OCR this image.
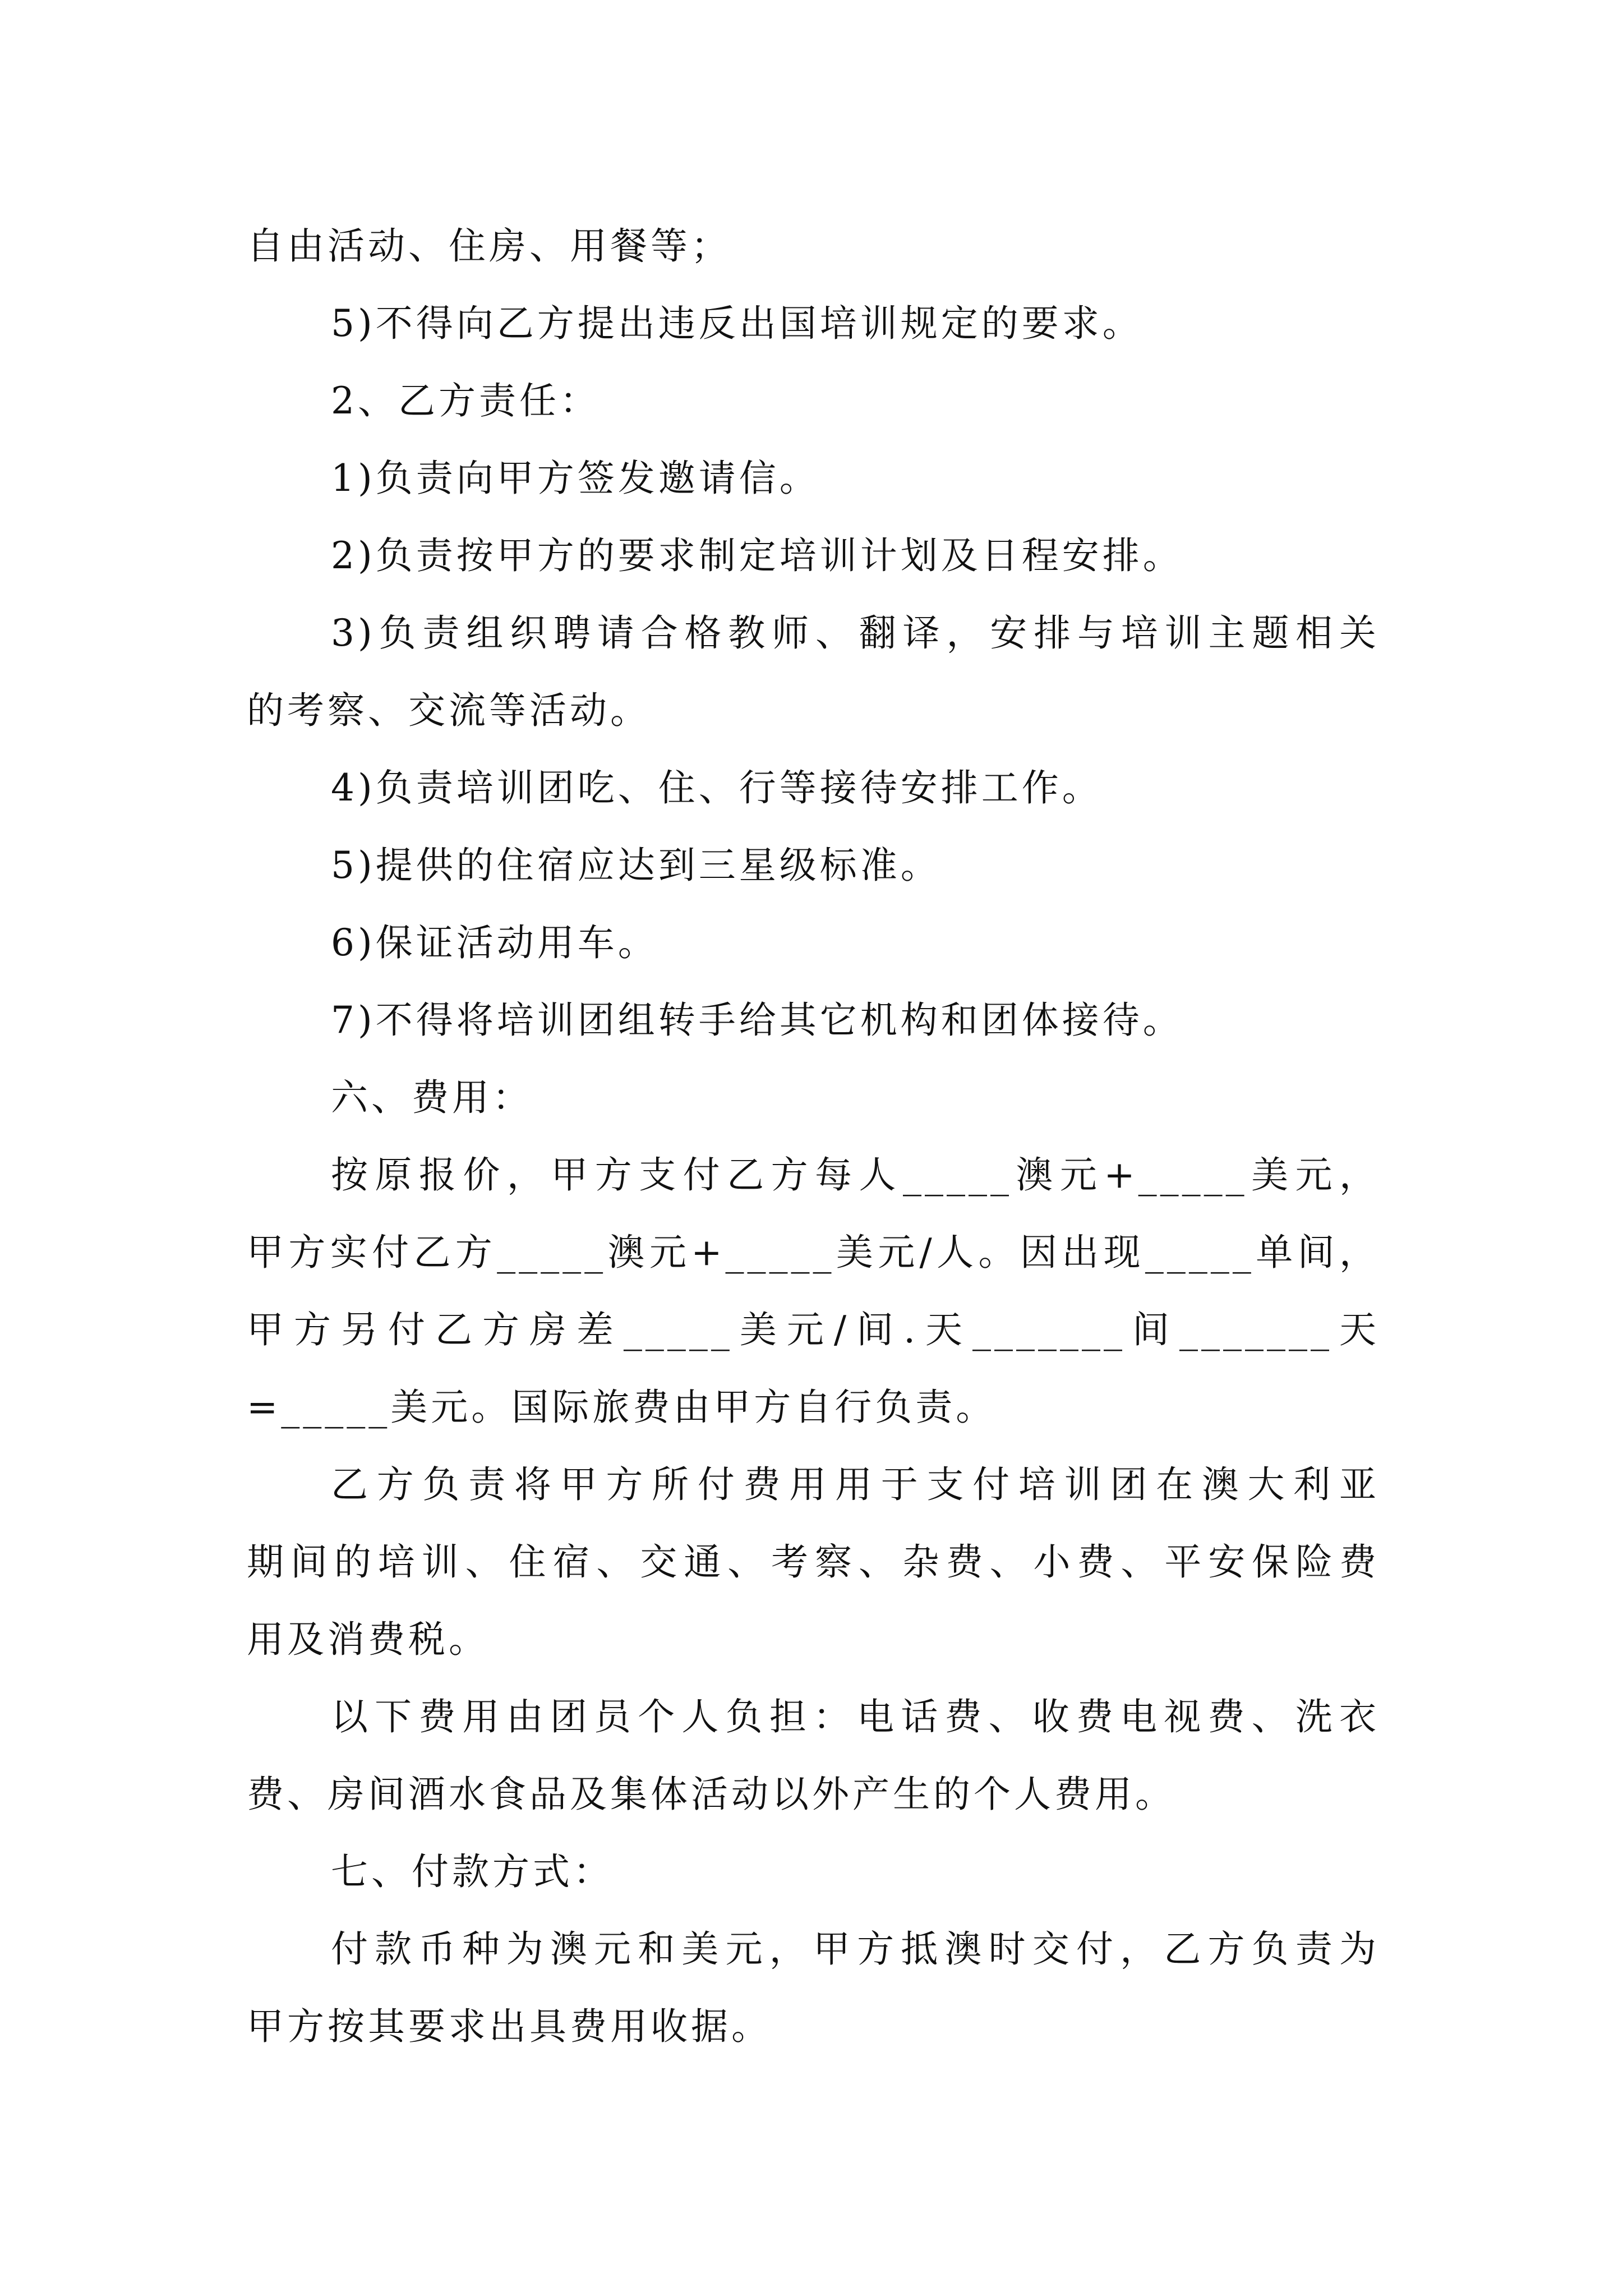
自由活动、住房、用餐等；

5)不得向乙方提出违反出国培训规定的要求。

2、乙方责任：

1)负责向甲方签发邀请信。

2)负责按甲方的要求制定培训计划及日程安排。

3)负责组织聘请合格教师、翻译，安排与培训主题相关

的考察、交流等活动。

4)负责培训团吃、住、行等接待安排工作。

5)提供的住宿应达到三星级标准。

6)保证活动用车。

7)不得将培训团组转手给其它机构和团体接待。

六、费用：

按原报价，甲方支付乙方每人_____澳元+_____美元，

甲方实付乙方_____澳元+_____美元/人。因出现_____单间，

甲方另付乙方房差_____美元/间.天_______间_______天

=_____美元。国际旅费由甲方自行负责。

乙方负责将甲方所付费用用于支付培训团在澳大利亚

期间的培训、住宿、交通、考察、杂费、小费、平安保险费

用及消费税。

以下费用由团员个人负担：电话费、收费电视费、洗衣

费、房间酒水食品及集体活动以外产生的个人费用。

七、付款方式：

付款币种为澳元和美元，甲方抵澳时交付，乙方负责为

甲方按其要求出具费用收据。
